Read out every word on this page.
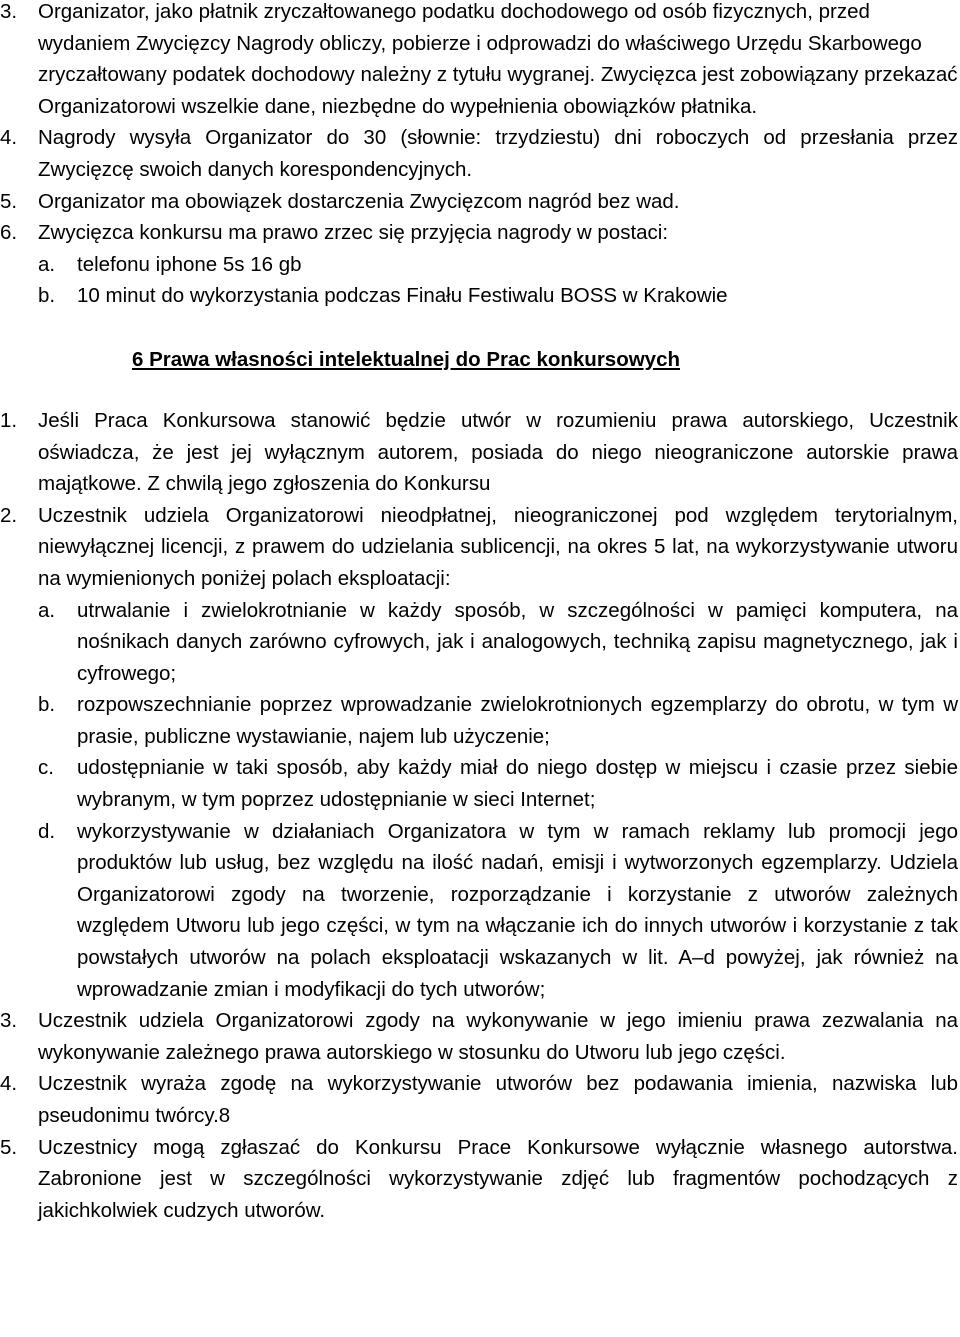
3.	Organizator, jako płatnik zryczałtowanego podatku dochodowego od osób fizycznych, przed wydaniem Zwycięzcy Nagrody obliczy, pobierze i odprowadzi do właściwego Urzędu Skarbowego zryczałtowany podatek dochodowy należny z tytułu wygranej. Zwycięzca jest zobowiązany przekazać Organizatorowi wszelkie dane, niezbędne do wypełnienia obowiązków płatnika.
4.	Nagrody wysyła Organizator do 30 (słownie: trzydziestu) dni roboczych od przesłania przez Zwycięzcę swoich danych korespondencyjnych.
5.	Organizator ma obowiązek dostarczenia Zwycięzcom nagród bez wad.
6.	Zwycięzca konkursu ma prawo zrzec się przyjęcia nagrody w postaci:
a.	telefonu iphone 5s 16 gb
b.	10 minut do wykorzystania podczas Finału Festiwalu BOSS w Krakowie
6 Prawa własności intelektualnej do Prac konkursowych
1.	Jeśli Praca Konkursowa stanowić będzie utwór w rozumieniu prawa autorskiego, Uczestnik oświadcza, że jest jej wyłącznym autorem, posiada do niego nieograniczone autorskie prawa majątkowe. Z chwilą jego zgłoszenia do Konkursu
2.	Uczestnik udziela Organizatorowi nieodpłatnej, nieograniczonej pod względem terytorialnym, niewyłącznej licencji, z prawem do udzielania sublicencji, na okres 5 lat, na wykorzystywanie utworu na wymienionych poniżej polach eksploatacji:
a.	utrwalanie i zwielokrotnianie w każdy sposób, w szczególności w pamięci komputera, na nośnikach danych zarówno cyfrowych, jak i analogowych, techniką zapisu magnetycznego, jak i cyfrowego;
b.	rozpowszechnianie poprzez wprowadzanie zwielokrotnionych egzemplarzy do obrotu, w tym w prasie, publiczne wystawianie, najem lub użyczenie;
c.	udostępnianie w taki sposób, aby każdy miał do niego dostęp w miejscu i czasie przez siebie wybranym, w tym poprzez udostępnianie w sieci Internet;
d.	wykorzystywanie w działaniach Organizatora w tym w ramach reklamy lub promocji jego produktów lub usług, bez względu na ilość nadań, emisji i wytworzonych egzemplarzy. Udziela Organizatorowi zgody na tworzenie, rozporządzanie i korzystanie z utworów zależnych względem Utworu lub jego części, w tym na włączanie ich do innych utworów i korzystanie z tak powstałych utworów na polach eksploatacji wskazanych w lit. A–d powyżej, jak również na wprowadzanie zmian i modyfikacji do tych utworów;
3.	Uczestnik udziela Organizatorowi zgody na wykonywanie w jego imieniu prawa zezwalania na wykonywanie zależnego prawa autorskiego w stosunku do Utworu lub jego części.
4.	Uczestnik wyraża zgodę na wykorzystywanie utworów bez podawania imienia, nazwiska lub pseudonimu twórcy.8
5.	Uczestnicy mogą zgłaszać do Konkursu Prace Konkursowe wyłącznie własnego autorstwa. Zabronione jest w szczególności wykorzystywanie zdjęć lub fragmentów pochodzących z jakichkolwiek cudzych utworów.
